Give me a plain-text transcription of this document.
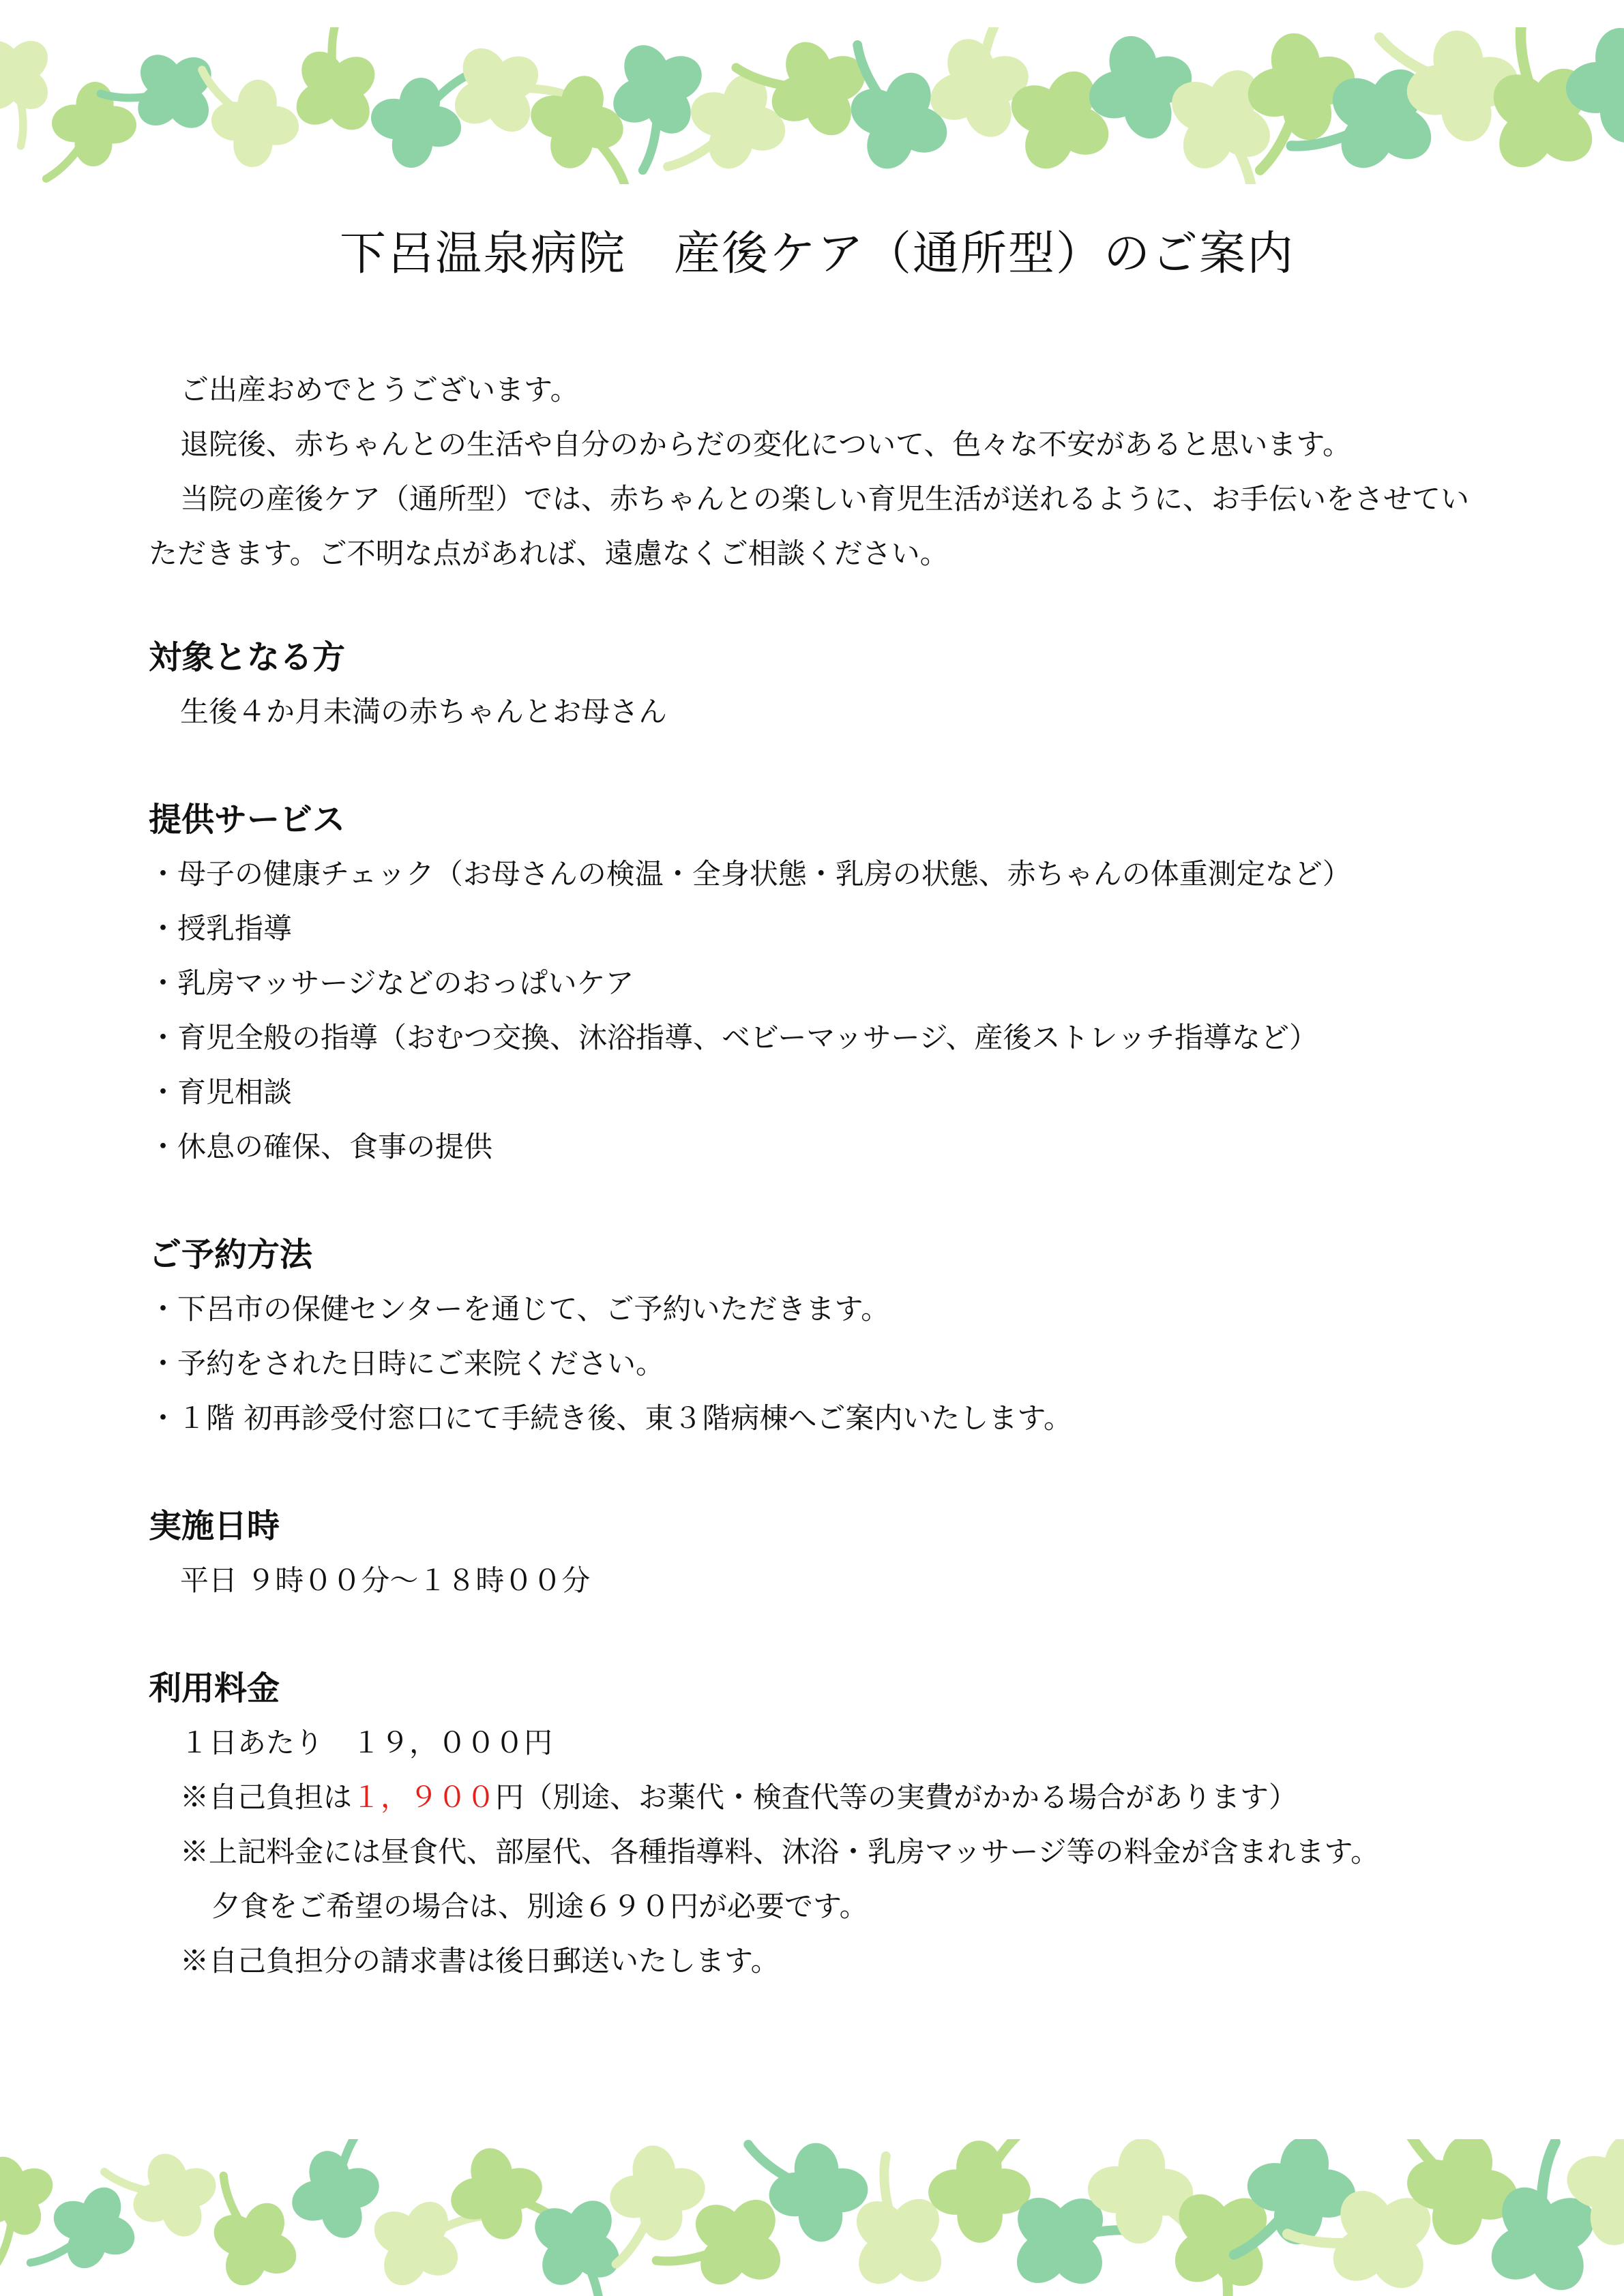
下呂温泉病院　産後ケア（通所型）のご案内

ご出産おめでとうございます。

退院後、赤ちゃんとの生活や自分のからだの変化について、色々な不安があると思います。

当院の産後ケア（通所型）では、赤ちゃんとの楽しい育児生活が送れるように、お手伝いをさせていただきます。ご不明な点があれば、遠慮なくご相談ください。

対象となる方
生後４か月未満の赤ちゃんとお母さん
提供サービス
・母子の健康チェック（お母さんの検温・全身状態・乳房の状態、赤ちゃんの体重測定など）
・授乳指導
・乳房マッサージなどのおっぱいケア
・育児全般の指導（おむつ交換、沐浴指導、ベビーマッサージ、産後ストレッチ指導など）
・育児相談
・休息の確保、食事の提供
ご予約方法
・下呂市の保健センターを通じて、ご予約いただきます。
・予約をされた日時にご来院ください。
・１階 初再診受付窓口にて手続き後、東３階病棟へご案内いたします。
実施日時
平日 ９時００分～１８時００分
利用料金
１日あたり　１９，０００円
※自己負担は１，９００円（別途、お薬代・検査代等の実費がかかる場合があります）
※上記料金には昼食代、部屋代、各種指導料、沐浴・乳房マッサージ等の料金が含まれます。
夕食をご希望の場合は、別途６９０円が必要です。
※自己負担分の請求書は後日郵送いたします。
